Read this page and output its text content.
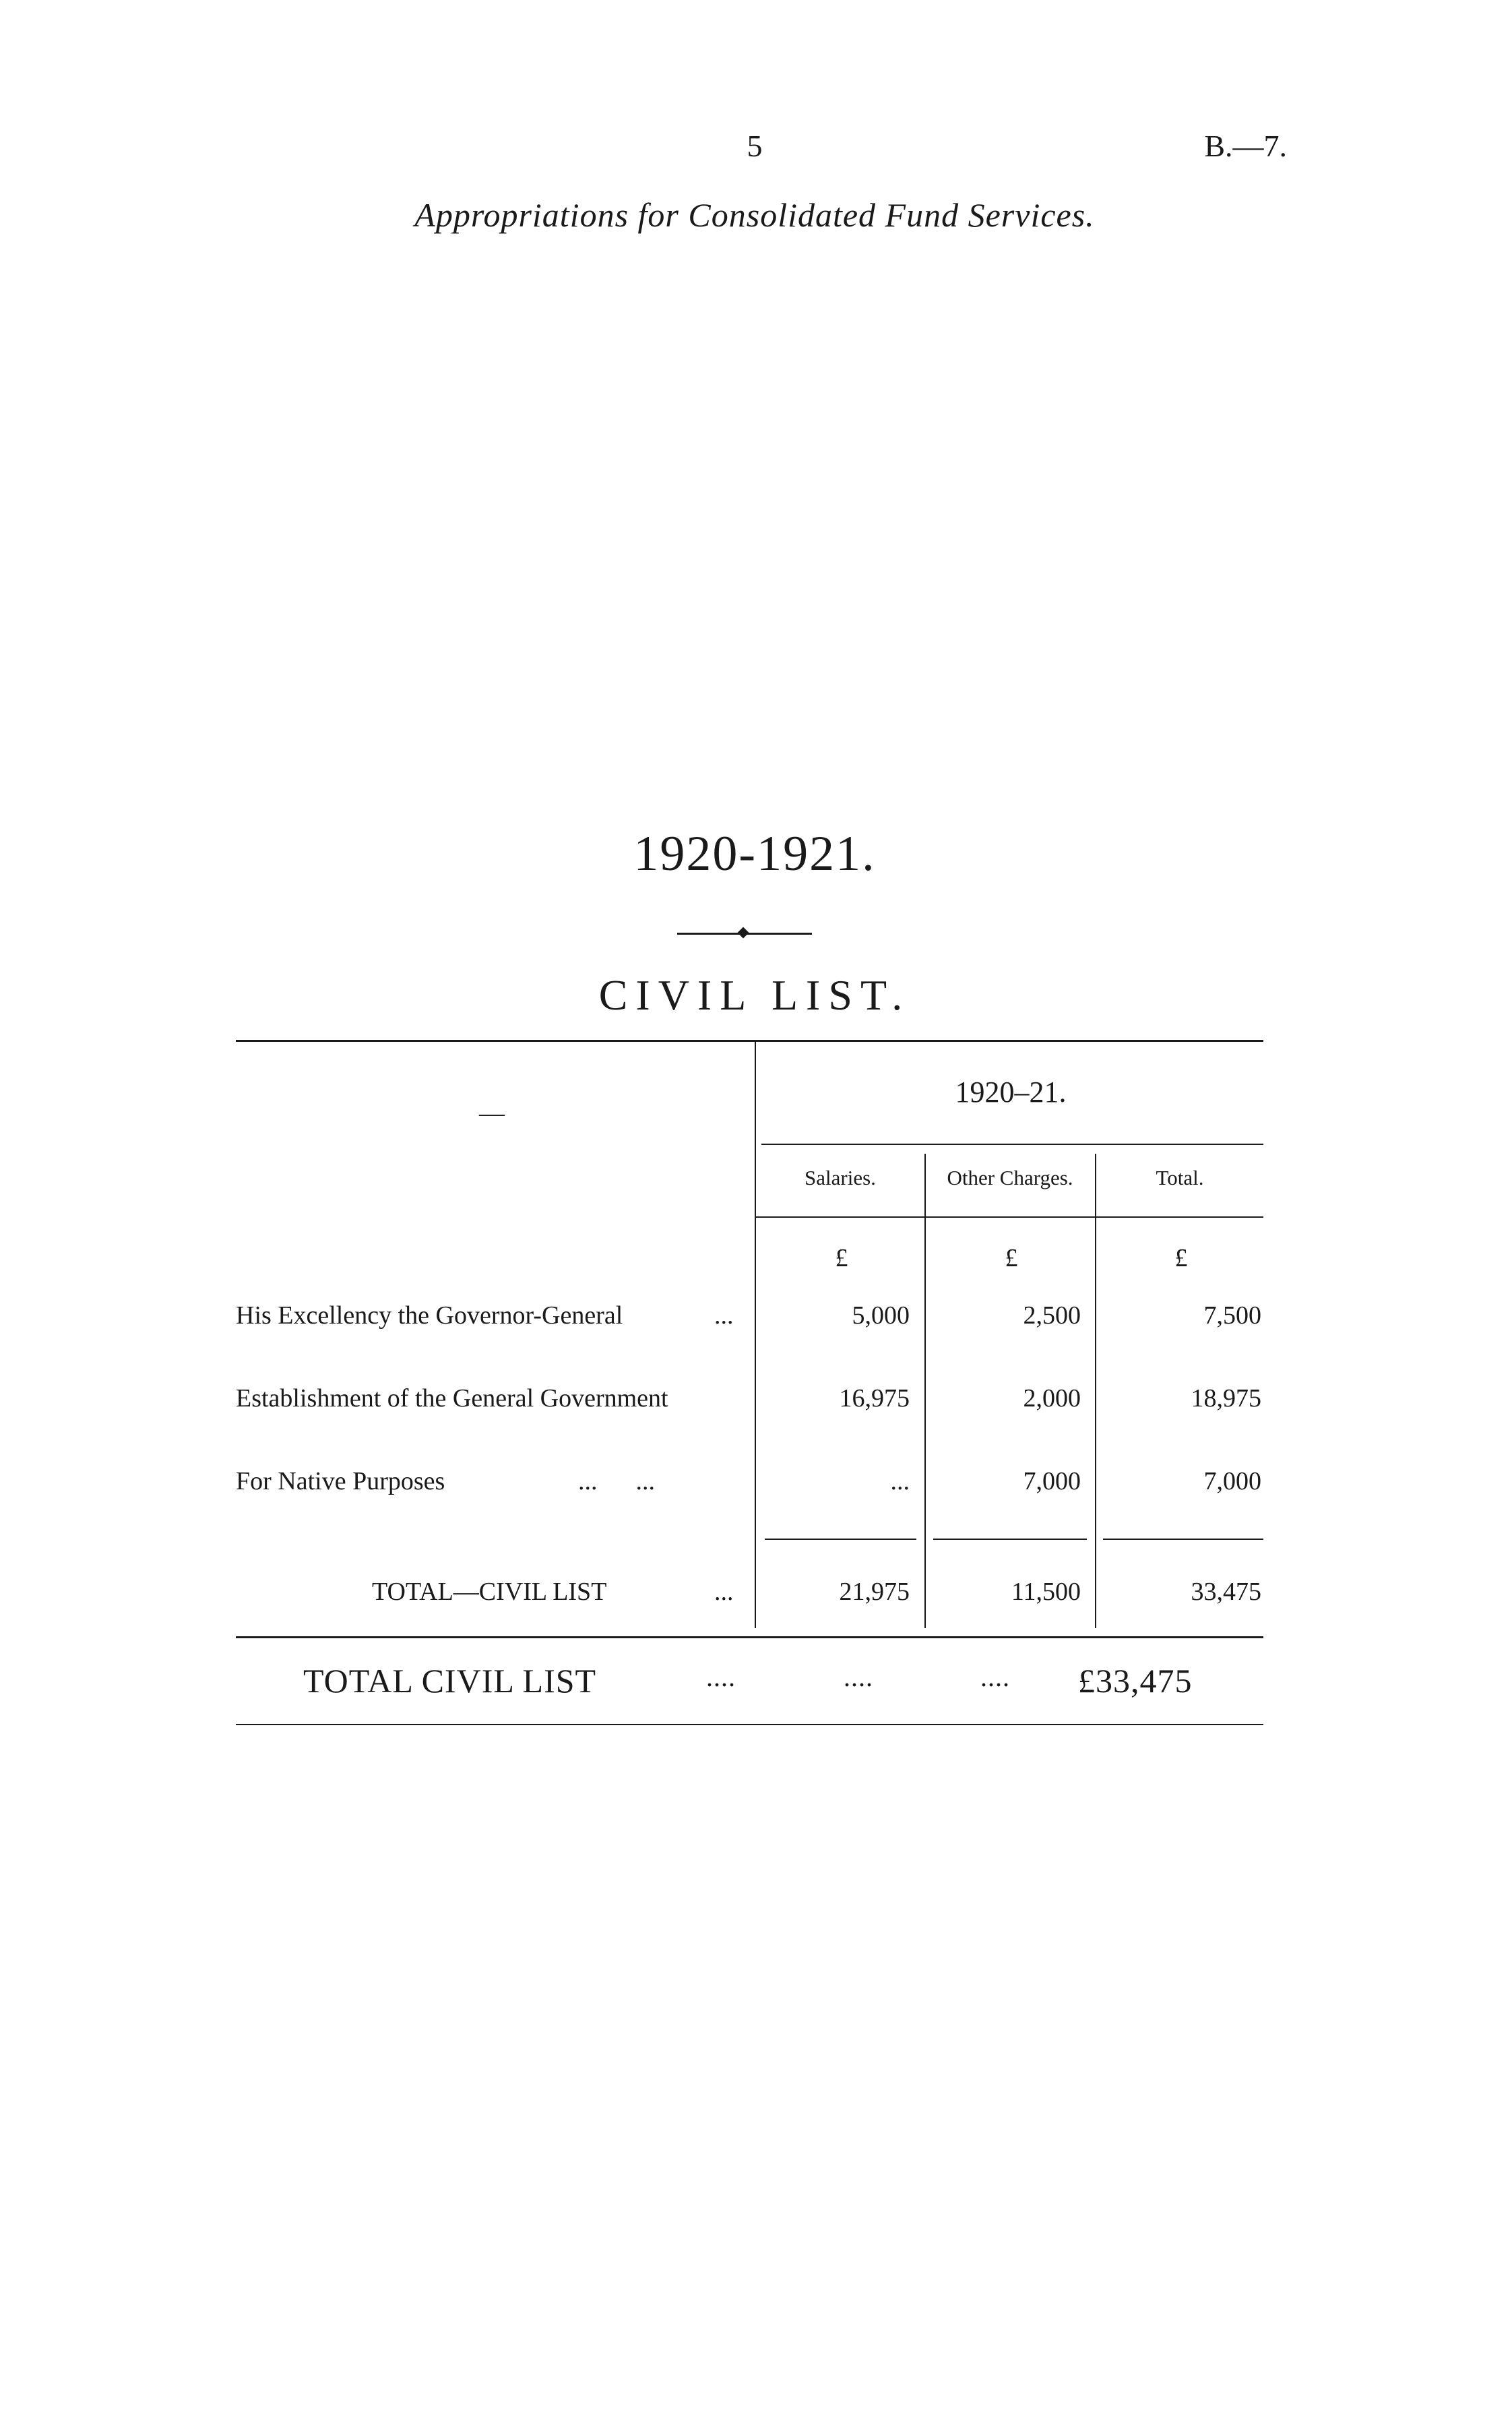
5	B.—7.
Appropriations for Consolidated Fund Services.
1920-1921.
CIVIL LIST.
—
1920–21.
Salaries.	Other Charges.	Total.
£	£	£
His Excellency the Governor-General	...	5,000	2,500	7,500
Establishment of the General Government	16,975	2,000	18,975
For Native Purposes	...      ...	...	7,000	7,000
TOTAL—CIVIL LIST	...	21,975	11,500	33,475
TOTAL CIVIL LIST	....	....	.... £33,475
